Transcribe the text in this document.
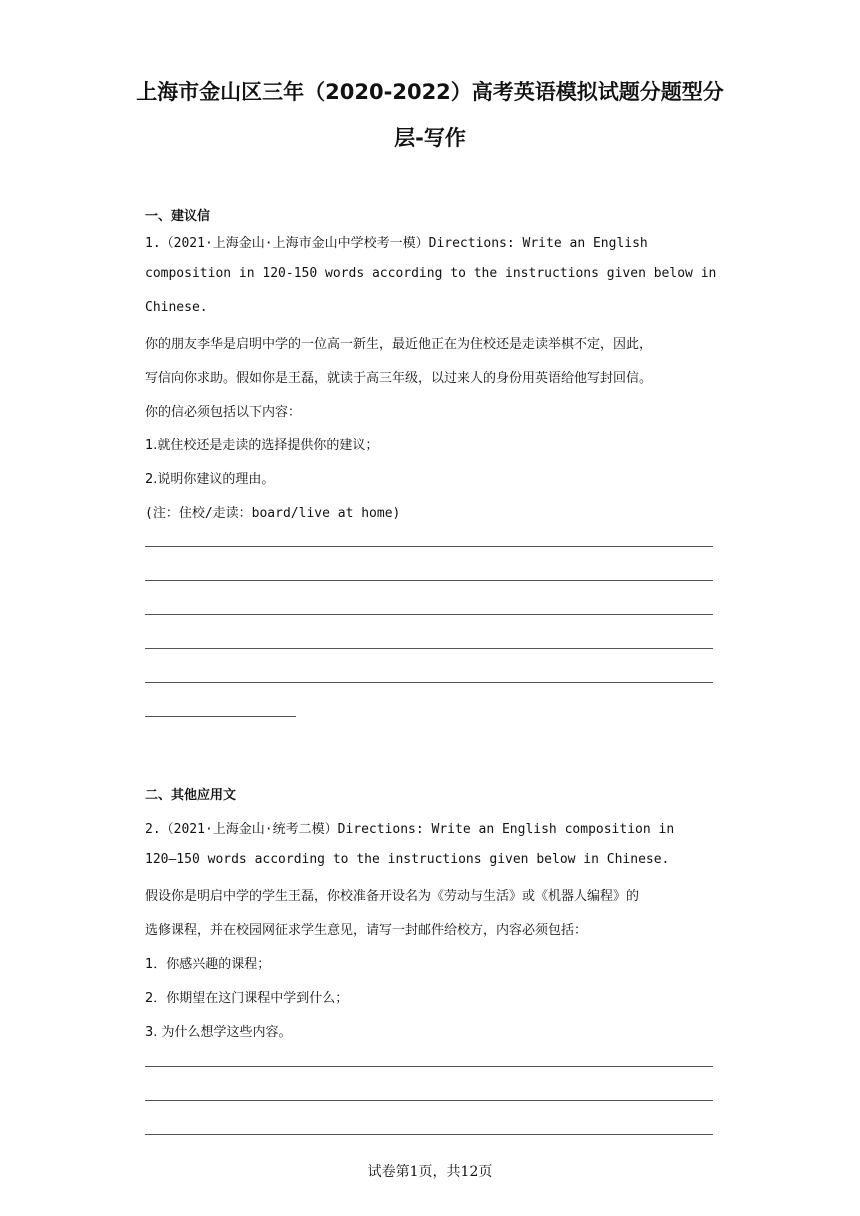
上海市金山区三年（2020-2022）高考英语模拟试题分题型分
层-写作
一、建议信
1.（2021·上海金山·上海市金山中学校考一模）Directions: Write an English
composition in 120-150 words according to the instructions given below in
Chinese.
你的朋友李华是启明中学的一位高一新生，最近他正在为住校还是走读举棋不定，因此，
写信向你求助。假如你是王磊，就读于高三年级，以过来人的身份用英语给他写封回信。
你的信必须包括以下内容：
1.就住校还是走读的选择提供你的建议；
2.说明你建议的理由。
(注：住校/走读：board/live at home)
二、其他应用文
2.（2021·上海金山·统考二模）Directions: Write an English composition in
120—150 words according to the instructions given below in Chinese.
假设你是明启中学的学生王磊，你校准备开设名为《劳动与生活》或《机器人编程》的
选修课程，并在校园网征求学生意见，请写一封邮件给校方，内容必须包括：
1．你感兴趣的课程；
2．你期望在这门课程中学到什么；
3. 为什么想学这些内容。
试卷第1页，共12页
